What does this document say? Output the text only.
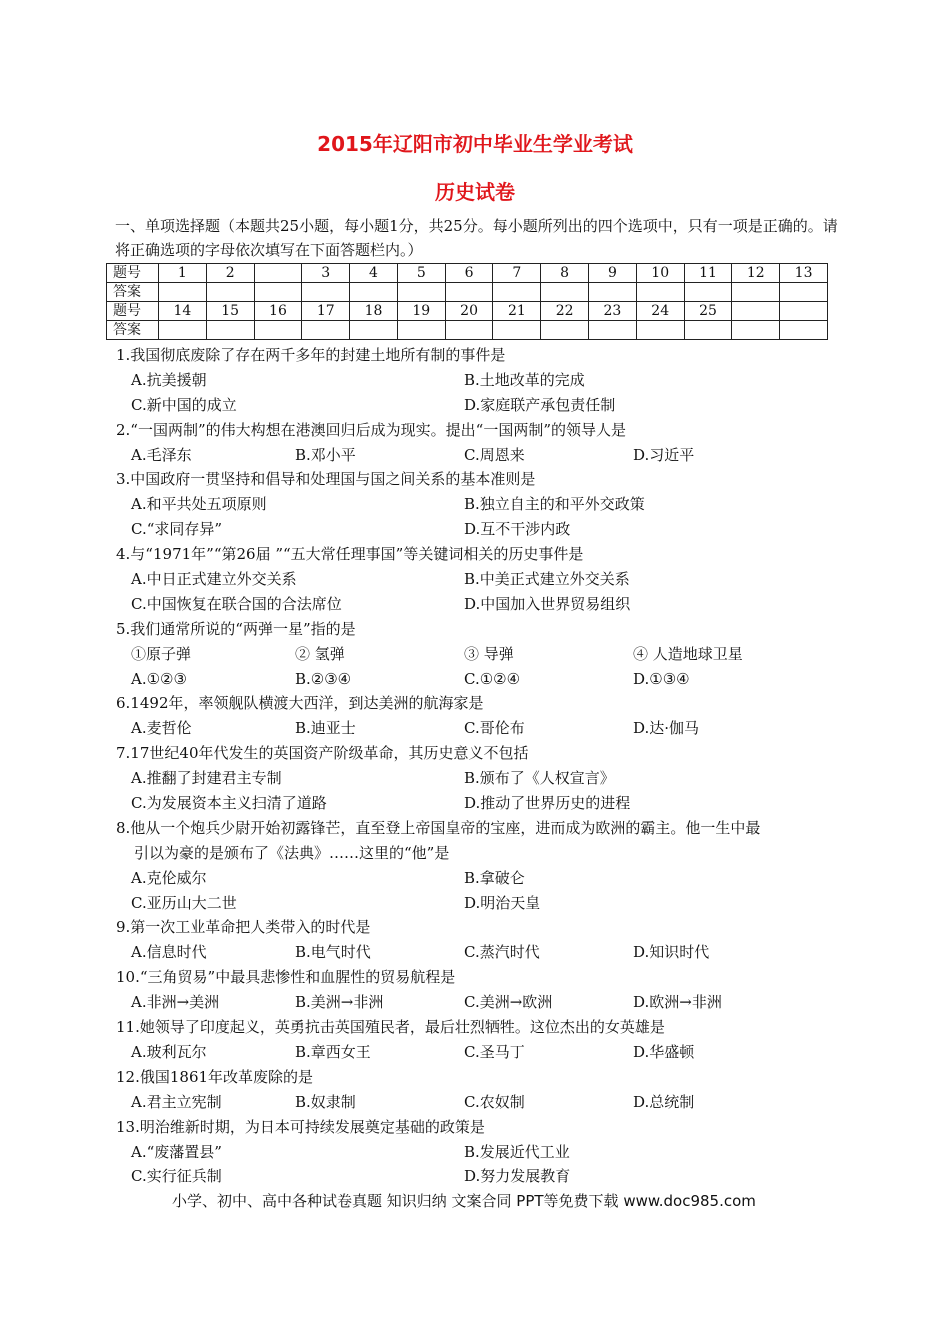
2015年辽阳市初中毕业生学业考试
历史试卷
一、单项选择题（本题共25小题，每小题1分，共25分。每小题所列出的四个选项中，只有一项是正确的。请将正确选项的字母依次填写在下面答题栏内。）
题号	1	2		3	4	5	6	7	8	9	10	11	12	13
答案														
题号	14	15	16	17	18	19	20	21	22	23	24	25		
答案														
1.我国彻底废除了存在两千多年的封建土地所有制的事件是
A.抗美援朝	B.土地改革的完成
C.新中国的成立	D.家庭联产承包责任制
2.“一国两制”的伟大构想在港澳回归后成为现实。提出“一国两制”的领导人是
A.毛泽东	B.邓小平	C.周恩来	D.习近平
3.中国政府一贯坚持和倡导和处理国与国之间关系的基本准则是
A.和平共处五项原则	B.独立自主的和平外交政策
C.“求同存异”	D.互不干涉内政
4.与“1971年”“第26届 ”“五大常任理事国”等关键词相关的历史事件是
A.中日正式建立外交关系	B.中美正式建立外交关系
C.中国恢复在联合国的合法席位	D.中国加入世界贸易组织
5.我们通常所说的“两弹一星”指的是
①原子弹	② 氢弹	③ 导弹	④ 人造地球卫星
A.①②③	B.②③④	C.①②④	D.①③④
6.1492年，率领舰队横渡大西洋，到达美洲的航海家是
A.麦哲伦	B.迪亚士	C.哥伦布	D.达·伽马
7.17世纪40年代发生的英国资产阶级革命，其历史意义不包括
A.推翻了封建君主专制	B.颁布了《人权宣言》
C.为发展资本主义扫清了道路	D.推动了世界历史的进程
8.他从一个炮兵少尉开始初露锋芒，直至登上帝国皇帝的宝座，进而成为欧洲的霸主。他一生中最
引以为豪的是颁布了《法典》……这里的“他”是
A.克伦威尔	B.拿破仑
C.亚历山大二世	D.明治天皇
9.第一次工业革命把人类带入的时代是
A.信息时代	B.电气时代	C.蒸汽时代	D.知识时代
10.“三角贸易”中最具悲惨性和血腥性的贸易航程是
A.非洲→美洲	B.美洲→非洲	C.美洲→欧洲	D.欧洲→非洲
11.她领导了印度起义，英勇抗击英国殖民者，最后壮烈牺牲。这位杰出的女英雄是
A.玻利瓦尔	B.章西女王	C.圣马丁	D.华盛顿
12.俄国1861年改革废除的是
A.君主立宪制	B.奴隶制	C.农奴制	D.总统制
13.明治维新时期，为日本可持续发展奠定基础的政策是
A.“废藩置县”	B.发展近代工业
C.实行征兵制	D.努力发展教育
小学、初中、高中各种试卷真题 知识归纳 文案合同 PPT等免费下载 www.doc985.com
